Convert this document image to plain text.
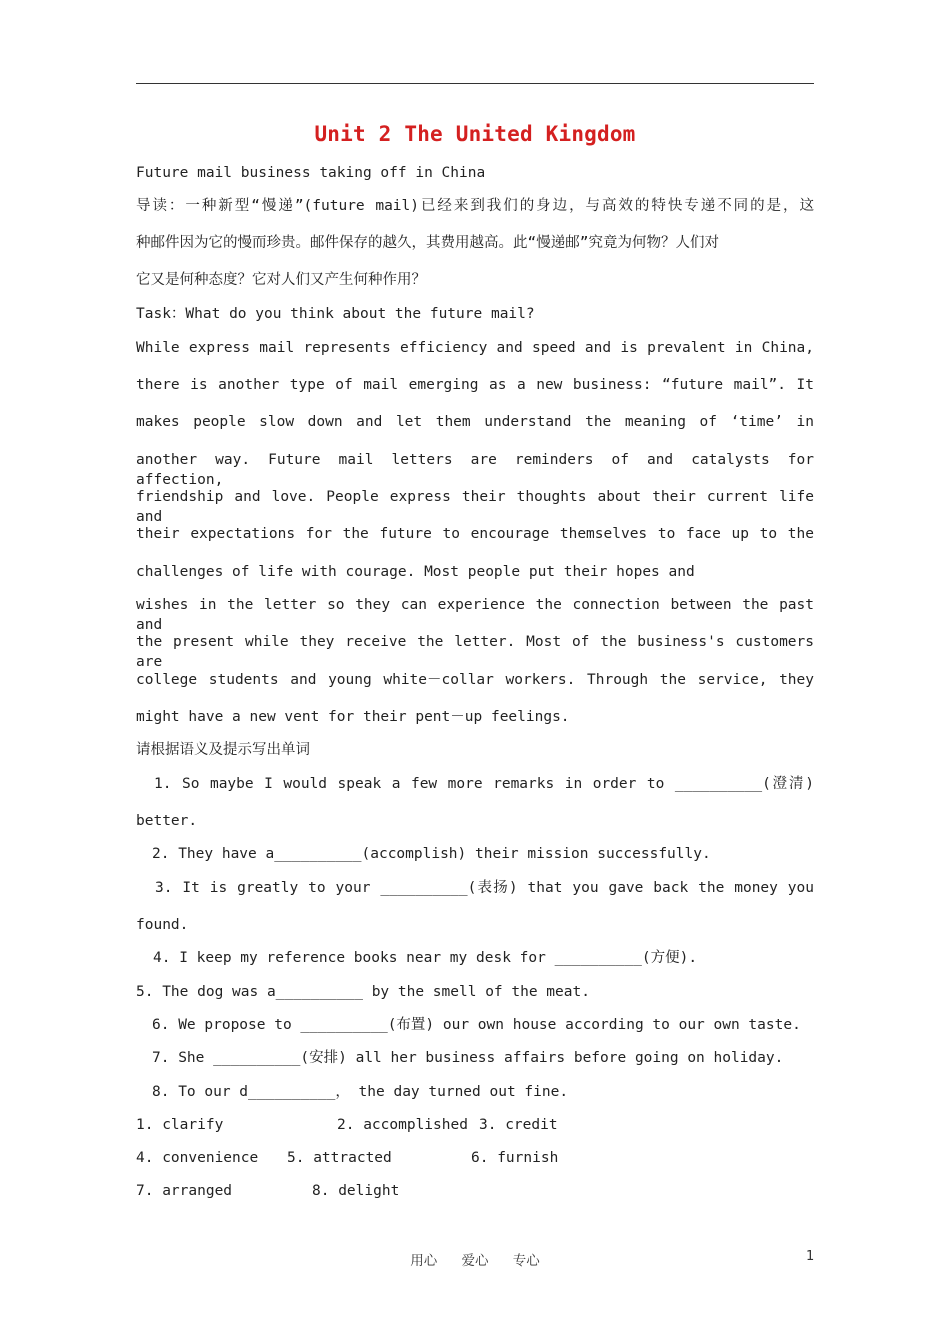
Unit 2 The United Kingdom
Future mail business taking off in China
导读：一种新型“慢递”(future mail)已经来到我们的身边，与高效的特快专递不同的是，这
种邮件因为它的慢而珍贵。邮件保存的越久，其费用越高。此“慢递邮”究竟为何物？人们对
它又是何种态度？它对人们又产生何种作用？
Task：What do you think about the future mail?
While express mail represents efficiency and speed and is prevalent in China,
there is another type of mail emerging as a new business: “future mail”. It
makes people slow down and let them understand the meaning of ‘time’ in
another way. Future mail letters are reminders of and catalysts for affection,
friendship and love. People express their thoughts about their current life and
their expectations for the future to encourage themselves to face up to the
challenges of life with courage. Most people put their hopes and
wishes in the letter so they can experience the connection between the past and
the present while they receive the letter. Most of the business's customers are
college students and young white－collar workers. Through the service, they
might have a new vent for their pent－up feelings.
请根据语义及提示写出单词
1. So maybe I would speak a few more remarks in order to __________(澄清)
better.
2. They have a__________(accomplish) their mission successfully.
3. It is greatly to your __________(表扬) that you gave back the money you
found.
4. I keep my reference books near my desk for __________(方便).
5. The dog was a__________ by the smell of the meat.
6. We propose to __________(布置) our own house according to our own taste.
7. She __________(安排) all her business affairs before going on holiday.
8. To our d__________， the day turned out fine.
1. clarify	2. accomplished 3. credit
4. convenience 5. attracted	6. furnish
7. arranged	8. delight
用心 爱心 专心	1
